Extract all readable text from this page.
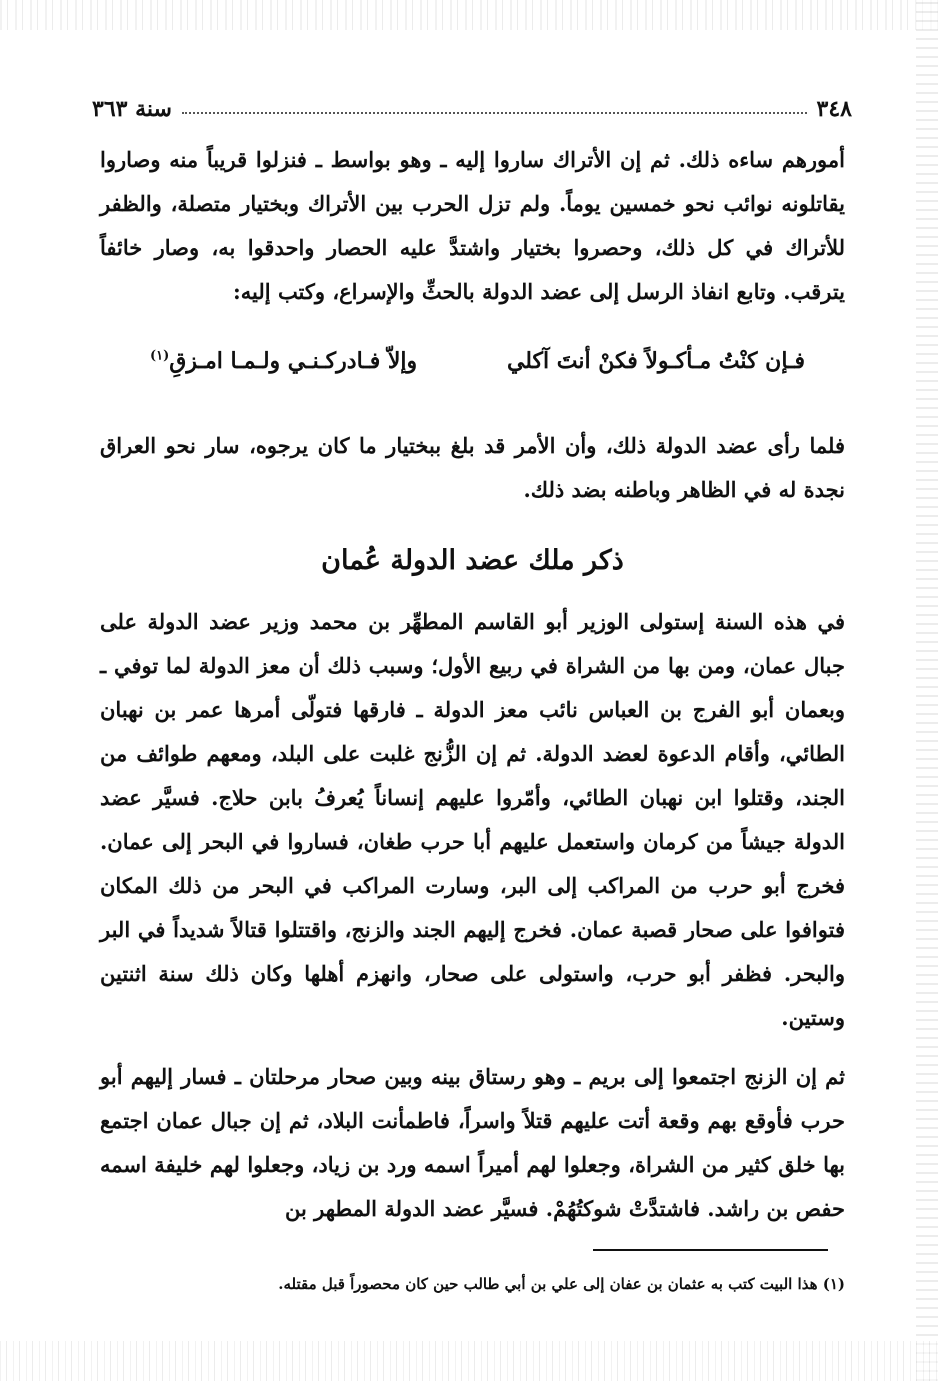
٣٤٨
سنة ٣٦٣

أمورهم ساءه ذلك. ثم إن الأتراك ساروا إليه ـ وهو بواسط ـ فنزلوا قريباً منه وصاروا يقاتلونه نوائب نحو خمسين يوماً. ولم تزل الحرب بين الأتراك وبختيار متصلة، والظفر للأتراك في كل ذلك، وحصروا بختيار واشتدَّ عليه الحصار واحدقوا به، وصار خائفاً يترقب. وتابع انفاذ الرسل إلى عضد الدولة بالحثِّ والإسراع، وكتب إليه:

فـإن كنْتُ مـأكـولاً فكنْ أنتَ آكلي
وإلاّ فـادركـنـي ولـمـا امـزقِ$^{(١)}$

فلما رأى عضد الدولة ذلك، وأن الأمر قد بلغ ببختيار ما كان يرجوه، سار نحو العراق نجدة له في الظاهر وباطنه بضد ذلك.

ذكر ملك عضد الدولة عُمان

في هذه السنة إستولى الوزير أبو القاسم المطهِّر بن محمد وزير عضد الدولة على جبال عمان، ومن بها من الشراة في ربيع الأول؛ وسبب ذلك أن معز الدولة لما توفي ـ وبعمان أبو الفرج بن العباس نائب معز الدولة ـ فارقها فتولّى أمرها عمر بن نهبان الطائي، وأقام الدعوة لعضد الدولة. ثم إن الزُّنج غلبت على البلد، ومعهم طوائف من الجند، وقتلوا ابن نهبان الطائي، وأمّروا عليهم إنساناً يُعرفُ بابن حلاج. فسيَّر عضد الدولة جيشاً من كرمان واستعمل عليهم أبا حرب طغان، فساروا في البحر إلى عمان. فخرج أبو حرب من المراكب إلى البر، وسارت المراكب في البحر من ذلك المكان فتوافوا على صحار قصبة عمان. فخرج إليهم الجند والزنج، واقتتلوا قتالاً شديداً في البر والبحر. فظفر أبو حرب، واستولى على صحار، وانهزم أهلها وكان ذلك سنة اثنتين وستين.

ثم إن الزنج اجتمعوا إلى بريم ـ وهو رستاق بينه وبين صحار مرحلتان ـ فسار إليهم أبو حرب فأوقع بهم وقعة أتت عليهم قتلاً واسراً، فاطمأنت البلاد، ثم إن جبال عمان اجتمع بها خلق كثير من الشراة، وجعلوا لهم أميراً اسمه ورد بن زياد، وجعلوا لهم خليفة اسمه حفص بن راشد. فاشتدَّتْ شوكتُهُمْ. فسيَّر عضد الدولة المطهر بن

(١) هذا البيت كتب به عثمان بن عفان إلى علي بن أبي طالب حين كان محصوراً قبل مقتله.
